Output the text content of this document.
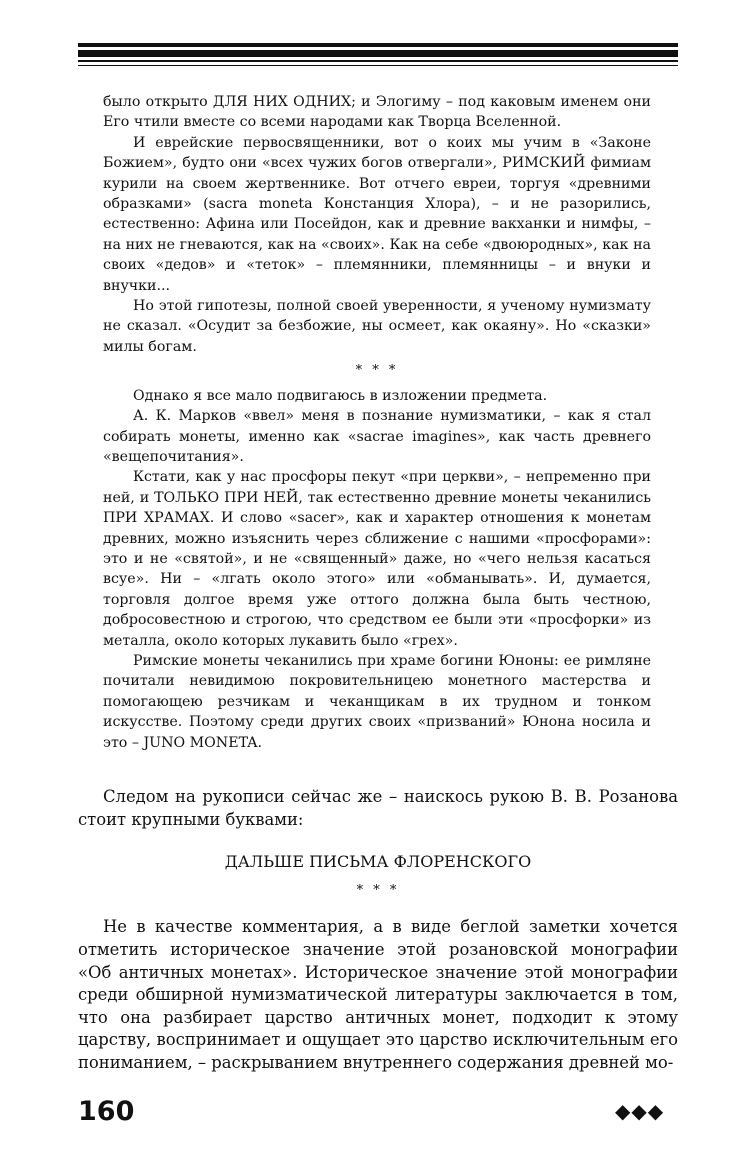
было открыто ДЛЯ НИХ ОДНИХ; и Элогиму – под каковым именем они Его чтили вместе со всеми народами как Творца Вселенной.

И еврейские первосвященники, вот о коих мы учим в «Законе Божием», будто они «всех чужих богов отвергали», РИМСКИЙ фимиам курили на своем жертвеннике. Вот отчего евреи, торгуя «древними образками» (sacra moneta Констанция Хлора), – и не разорились, естественно: Афина или Посейдон, как и древние вакханки и нимфы, – на них не гневаются, как на «своих». Как на себе «двоюродных», как на своих «дедов» и «теток» – племянники, племянницы – и внуки и внучки...

Но этой гипотезы, полной своей уверенности, я ученому нумизмату не сказал. «Осудит за безбожие, ны осмеет, как окаяну». Но «сказки» милы богам.

* * *

Однако я все мало подвигаюсь в изложении предмета.

А. К. Марков «ввел» меня в познание нумизматики, – как я стал собирать монеты, именно как «sacrae imagines», как часть древнего «вещепочитания».

Кстати, как у нас просфоры пекут «при церкви», – непременно при ней, и ТОЛЬКО ПРИ НЕЙ, так естественно древние монеты чеканились ПРИ ХРАМАХ. И слово «sacer», как и характер отношения к монетам древних, можно изъяснить через сближение с нашими «просфорами»: это и не «святой», и не «священный» даже, но «чего нельзя касаться всуе». Ни – «лгать около этого» или «обманывать». И, думается, торговля долгое время уже оттого должна была быть честною, добросовестною и строгою, что средством ее были эти «просфорки» из металла, около которых лукавить было «грех».

Римские монеты чеканились при храме богини Юноны: ее римляне почитали невидимою покровительницею монетного мастерства и помогающею резчикам и чеканщикам в их трудном и тонком искусстве. Поэтому среди других своих «призваний» Юнона носила и это – JUNO MONETA.

Следом на рукописи сейчас же – наискось рукою В. В. Розанова стоит крупными буквами:

ДАЛЬШЕ ПИСЬМА ФЛОРЕНСКОГО

* * *

Не в качестве комментария, а в виде беглой заметки хочется отметить историческое значение этой розановской монографии «Об античных монетах». Историческое значение этой монографии среди обширной нумизматической литературы заключается в том, что она разбирает царство античных монет, подходит к этому царству, воспринимает и ощущает это царство исключительным его пониманием, – раскрыванием внутреннего содержания древней мо-

160	◆◆◆
